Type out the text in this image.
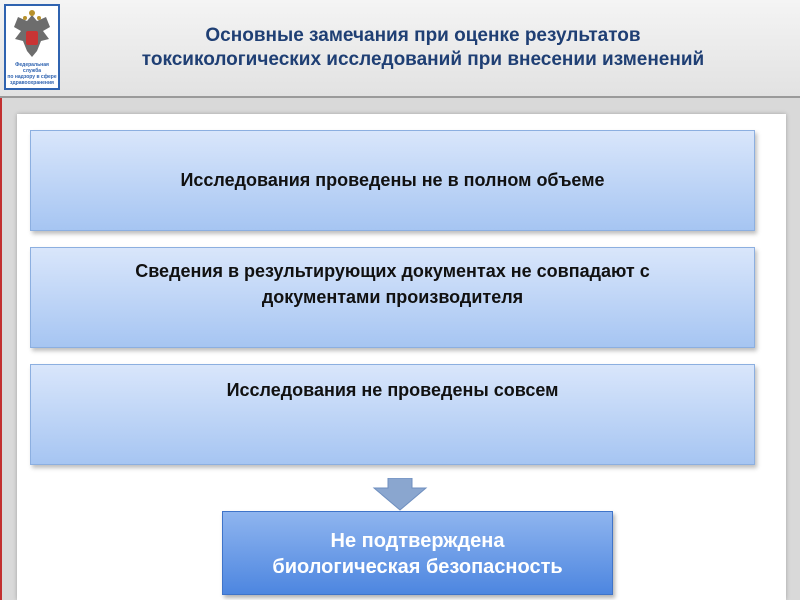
Федеральная служба
по надзору в сфере
здравоохранения
Основные замечания при оценке результатов
токсикологических исследований при внесении изменений
Исследования проведены не в полном объеме
Сведения в результирующих документах не совпадают с
документами производителя
Исследования не проведены совсем
Не подтверждена
биологическая безопасность
